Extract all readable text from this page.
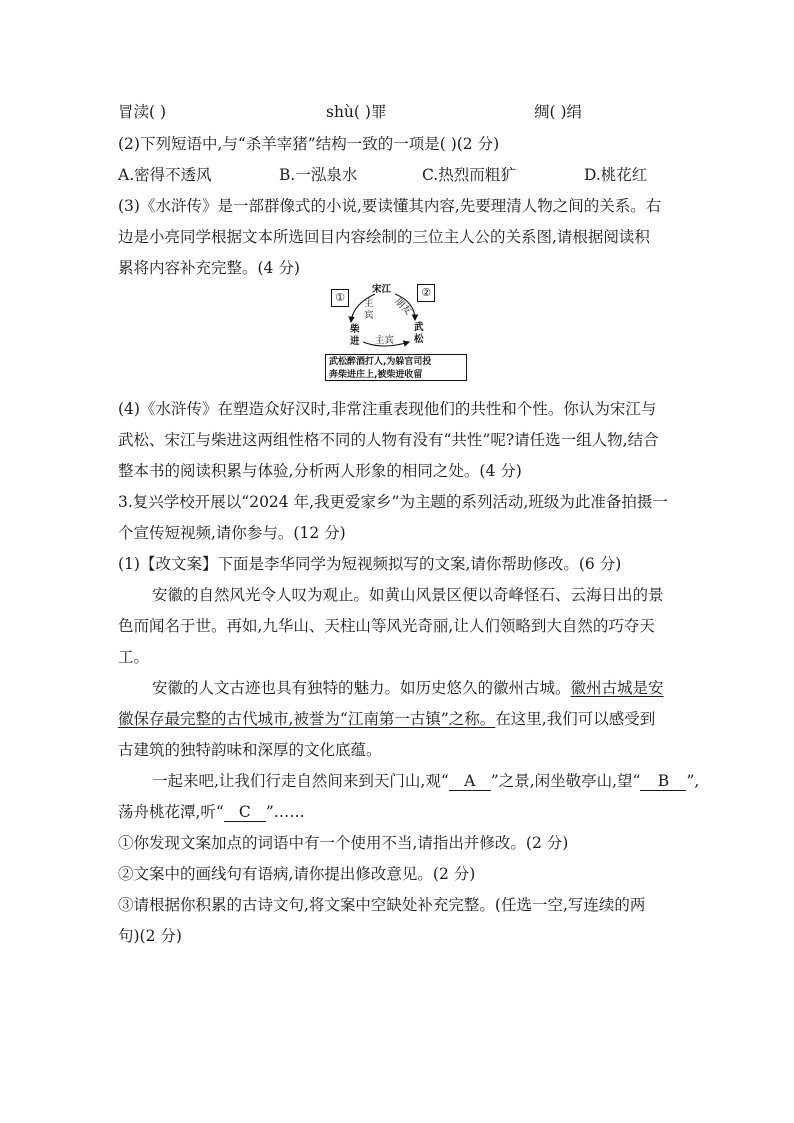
冒渎( )	shù( )罪	绸( )绢
(2)下列短语中,与“杀羊宰猪”结构一致的一项是( )(2 分)
A.密得不透风	B.一泓泉水	C.热烈而粗犷	D.桃花红
(3)《水浒传》是一部群像式的小说,要读懂其内容,先要理清人物之间的关系。右
边是小亮同学根据文本所选回目内容绘制的三位主人公的关系图,请根据阅读积
累将内容补充完整。(4 分)
①	②
宋江
柴进
武松
主宾 朋友
主宾
武松醉酒打人,为躲官司投
奔柴进庄上,被柴进收留
(4)《水浒传》在塑造众好汉时,非常注重表现他们的共性和个性。你认为宋江与
武松、宋江与柴进这两组性格不同的人物有没有“共性”呢?请任选一组人物,结合
整本书的阅读积累与体验,分析两人形象的相同之处。(4 分)
3.复兴学校开展以“2024 年,我更爱家乡”为主题的系列活动,班级为此准备拍摄一
个宣传短视频,请你参与。(12 分)
(1)【改文案】下面是李华同学为短视频拟写的文案,请你帮助修改。(6 分)
安徽的自然风光令人叹为观止。如黄山风景区便以奇峰怪石、云海日出的景
色而闻名于世。再如,九华山、天柱山等风光奇丽,让人们领略到大自然的巧夺天
工。
安徽的人文古迹也具有独特的魅力。如历史悠久的徽州古城。徽州古城是安
徽保存最完整的古代城市,被誉为“江南第一古镇”之称。在这里,我们可以感受到
古建筑的独特韵味和深厚的文化底蕴。
一起来吧,让我们行走自然间来到天门山,观“ A ”之景,闲坐敬亭山,望“ B ”,
荡舟桃花潭,听“ C ”……
①你发现文案加点的词语中有一个使用不当,请指出并修改。(2 分)
②文案中的画线句有语病,请你提出修改意见。(2 分)
③请根据你积累的古诗文句,将文案中空缺处补充完整。(任选一空,写连续的两
句)(2 分)
